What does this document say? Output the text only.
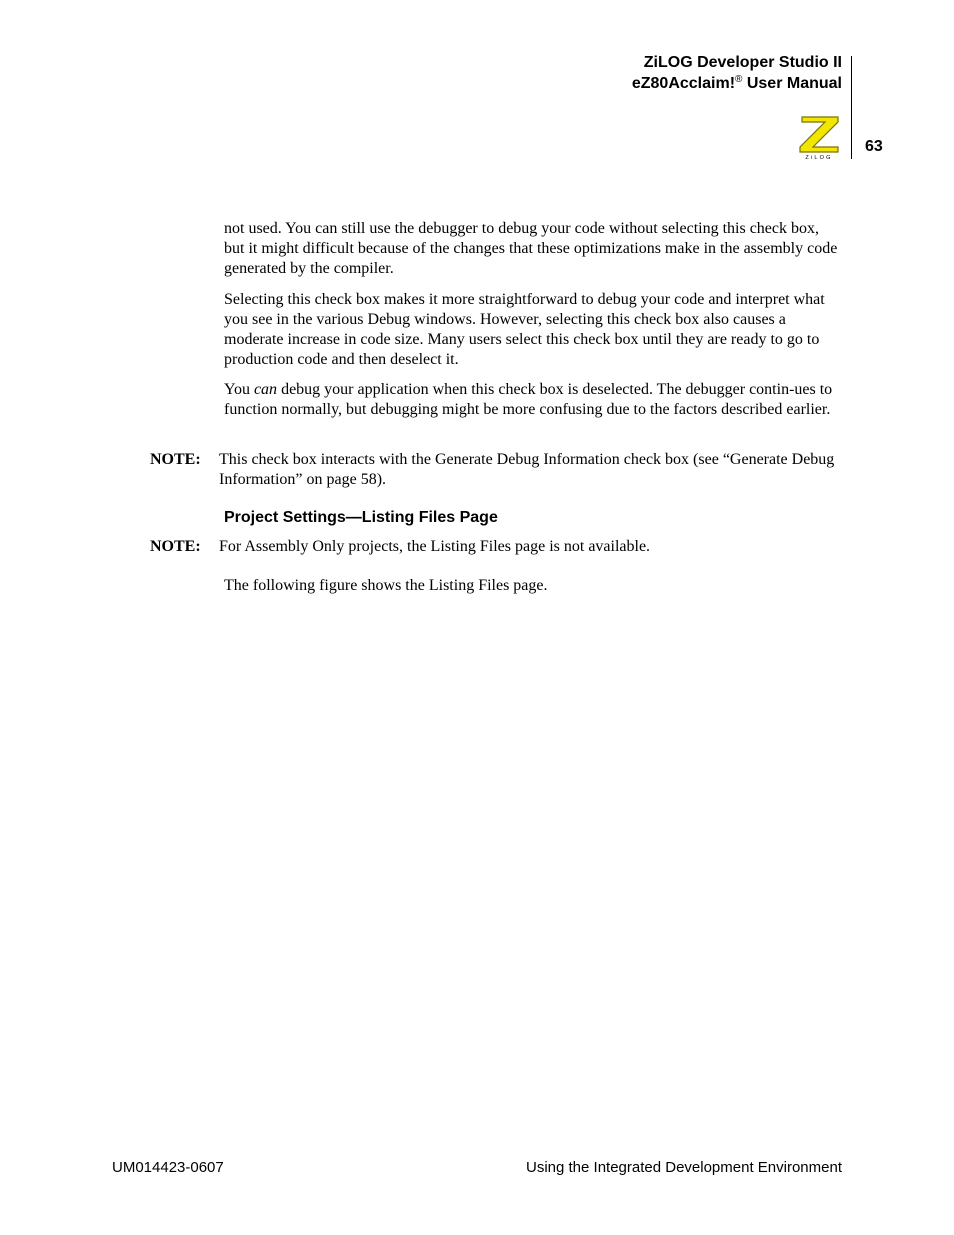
ZiLOG Developer Studio II
eZ80Acclaim!® User Manual
ZiLOG
63

not used. You can still use the debugger to debug your code without selecting this check box, but it might difficult because of the changes that these optimizations make in the assembly code generated by the compiler.

Selecting this check box makes it more straightforward to debug your code and interpret what you see in the various Debug windows. However, selecting this check box also causes a moderate increase in code size. Many users select this check box until they are ready to go to production code and then deselect it.

You can debug your application when this check box is deselected. The debugger contin-ues to function normally, but debugging might be more confusing due to the factors described earlier.

NOTE: This check box interacts with the Generate Debug Information check box (see “Generate Debug Information” on page 58).
Project Settings—Listing Files Page
NOTE: For Assembly Only projects, the Listing Files page is not available.

The following figure shows the Listing Files page.

UM014423-0607	Using the Integrated Development Environment
